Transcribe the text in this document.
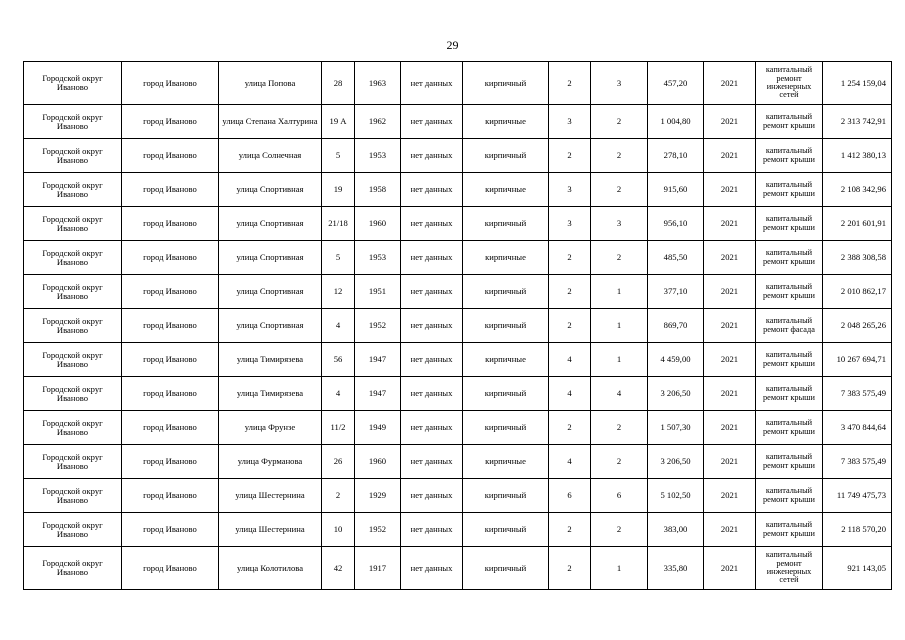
29
Городской округ Иваново	город Иваново	улица Попова	28	1963	нет данных	кирпичный	2	3	457,20	2021	капитальный ремонт инженерных сетей	1 254 159,04
Городской округ Иваново	город Иваново	улица Степана Халтурина	19 А	1962	нет данных	кирпичные	3	2	1 004,80	2021	капитальный ремонт крыши	2 313 742,91
Городской округ Иваново	город Иваново	улица Солнечная	5	1953	нет данных	кирпичный	2	2	278,10	2021	капитальный ремонт крыши	1 412 380,13
Городской округ Иваново	город Иваново	улица Спортивная	19	1958	нет данных	кирпичные	3	2	915,60	2021	капитальный ремонт крыши	2 108 342,96
Городской округ Иваново	город Иваново	улица Спортивная	21/18	1960	нет данных	кирпичный	3	3	956,10	2021	капитальный ремонт крыши	2 201 601,91
Городской округ Иваново	город Иваново	улица Спортивная	5	1953	нет данных	кирпичные	2	2	485,50	2021	капитальный ремонт крыши	2 388 308,58
Городской округ Иваново	город Иваново	улица Спортивная	12	1951	нет данных	кирпичный	2	1	377,10	2021	капитальный ремонт крыши	2 010 862,17
Городской округ Иваново	город Иваново	улица Спортивная	4	1952	нет данных	кирпичный	2	1	869,70	2021	капитальный ремонт фасада	2 048 265,26
Городской округ Иваново	город Иваново	улица Тимирязева	56	1947	нет данных	кирпичные	4	1	4 459,00	2021	капитальный ремонт крыши	10 267 694,71
Городской округ Иваново	город Иваново	улица Тимирязева	4	1947	нет данных	кирпичный	4	4	3 206,50	2021	капитальный ремонт крыши	7 383 575,49
Городской округ Иваново	город Иваново	улица Фрунзе	11/2	1949	нет данных	кирпичный	2	2	1 507,30	2021	капитальный ремонт крыши	3 470 844,64
Городской округ Иваново	город Иваново	улица Фурманова	26	1960	нет данных	кирпичные	4	2	3 206,50	2021	капитальный ремонт крыши	7 383 575,49
Городской округ Иваново	город Иваново	улица Шестернина	2	1929	нет данных	кирпичный	6	6	5 102,50	2021	капитальный ремонт крыши	11 749 475,73
Городской округ Иваново	город Иваново	улица Шестернина	10	1952	нет данных	кирпичный	2	2	383,00	2021	капитальный ремонт крыши	2 118 570,20
Городской округ Иваново	город Иваново	улица Колотилова	42	1917	нет данных	кирпичный	2	1	335,80	2021	капитальный ремонт инженерных сетей	921 143,05
